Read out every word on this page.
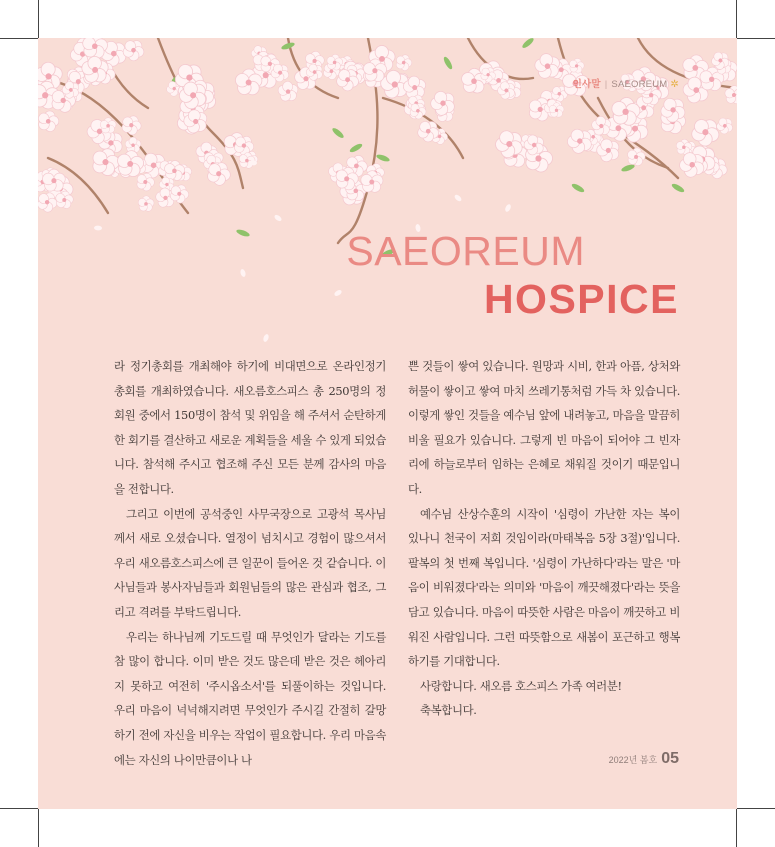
인사말 | SAEOREUM ✲
SAEOREUM
HOSPICE

라 정기총회를 개최해야 하기에 비대면으로 온라인정기총회를 개최하였습니다. 새오름호스피스 총 250명의 정회원 중에서 150명이 참석 및 위임을 해 주셔서 순탄하게 한 회기를 결산하고 새로운 계획들을 세울 수 있게 되었습니다. 참석해 주시고 협조해 주신 모든 분께 감사의 마음을 전합니다.

그리고 이번에 공석중인 사무국장으로 고광석 목사님께서 새로 오셨습니다. 열정이 넘치시고 경험이 많으셔서 우리 새오름호스피스에 큰 일꾼이 들어온 것 같습니다. 이사님들과 봉사자님들과 회원님들의 많은 관심과 협조, 그리고 격려를 부탁드립니다.

우리는 하나님께 기도드릴 때 무엇인가 달라는 기도를 참 많이 합니다. 이미 받은 것도 많은데 받은 것은 헤아리지 못하고 여전히 '주시옵소서'를 되풀이하는 것입니다. 우리 마음이 넉넉해지려면 무엇인가 주시길 간절히 갈망하기 전에 자신을 비우는 작업이 필요합니다. 우리 마음속에는 자신의 나이만큼이나 나

쁜 것들이 쌓여 있습니다. 원망과 시비, 한과 아픔, 상처와 허물이 쌓이고 쌓여 마치 쓰레기통처럼 가득 차 있습니다. 이렇게 쌓인 것들을 예수님 앞에 내려놓고, 마음을 말끔히 비울 필요가 있습니다. 그렇게 빈 마음이 되어야 그 빈자리에 하늘로부터 임하는 은혜로 채워질 것이기 때문입니다.

예수님 산상수훈의 시작이 '심령이 가난한 자는 복이 있나니 천국이 저희 것임이라(마태복음 5장 3절)'입니다. 팔복의 첫 번째 복입니다. '심령이 가난하다'라는 말은 '마음이 비워졌다'라는 의미와 '마음이 깨끗해졌다'라는 뜻을 담고 있습니다. 마음이 따뜻한 사람은 마음이 깨끗하고 비워진 사람입니다. 그런 따뜻함으로 새봄이 포근하고 행복하기를 기대합니다.

사랑합니다. 새오름 호스피스 가족 여러분!

축복합니다.

2022년 봄호 05
